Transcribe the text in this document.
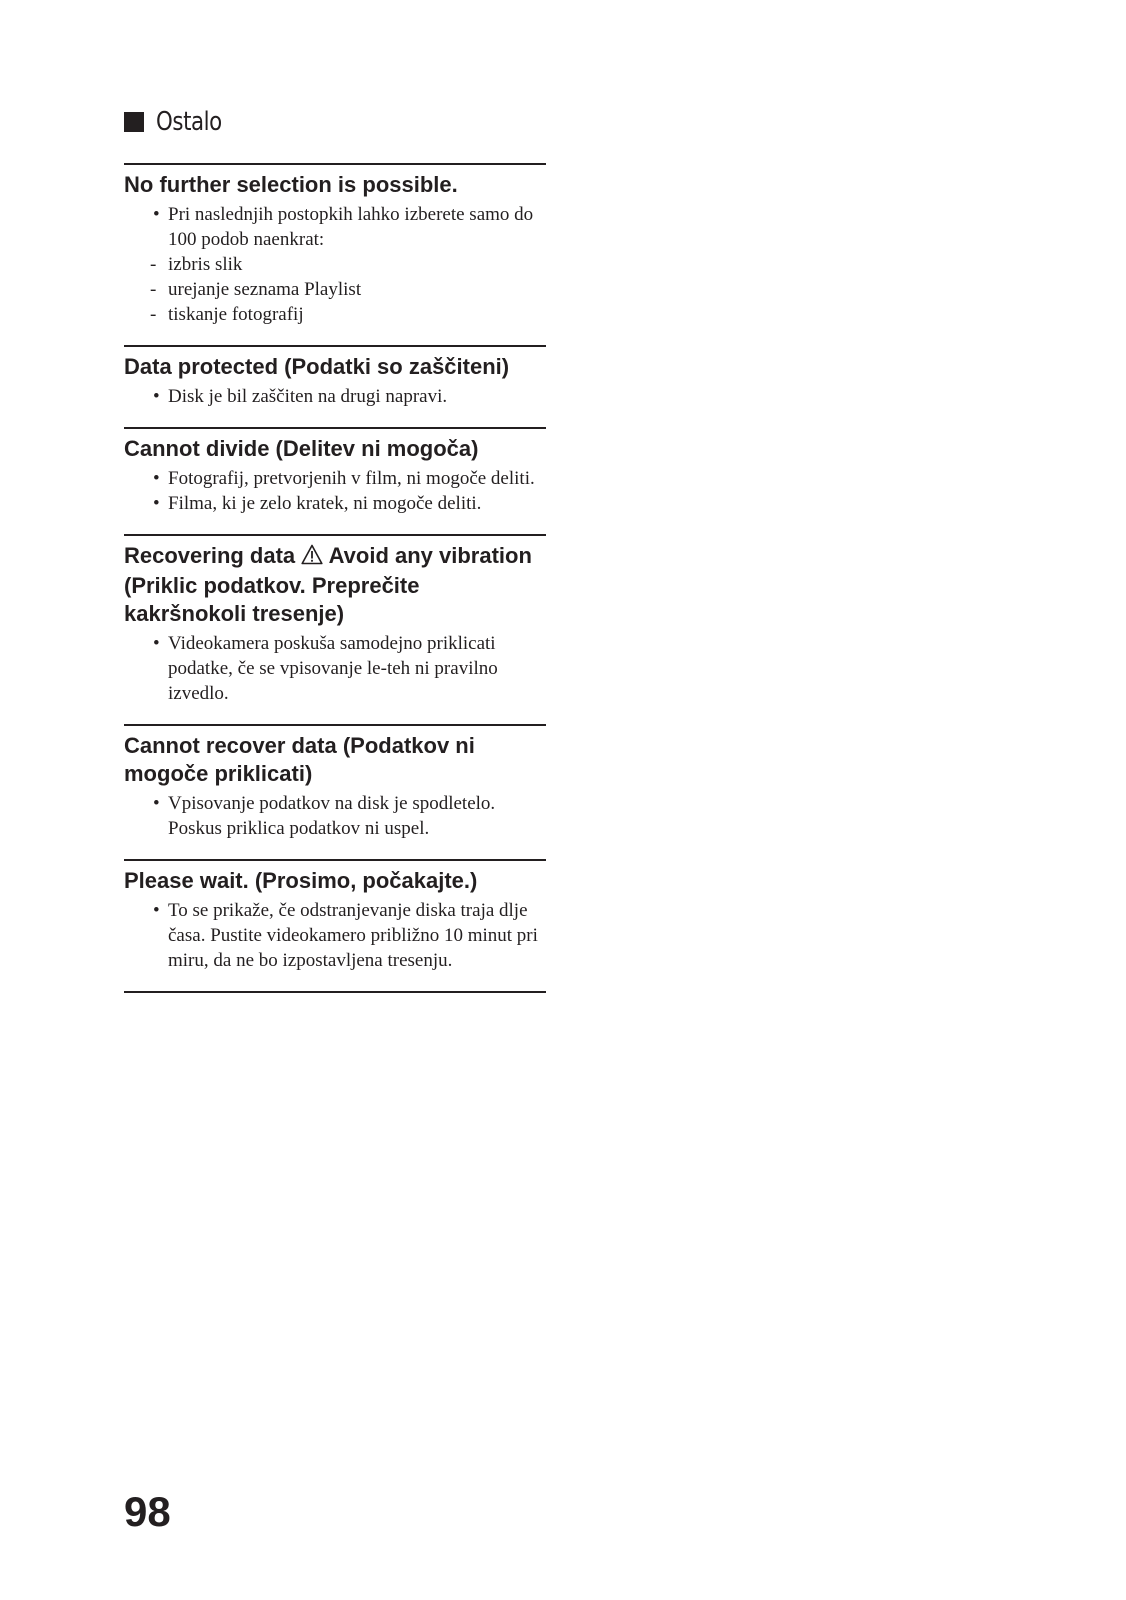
Ostalo
No further selection is possible.
• Pri naslednjih postopkih lahko izberete samo do 100 podob naenkrat:
- izbris slik
- urejanje seznama Playlist
- tiskanje fotografij
Data protected (Podatki so zaščiteni)
• Disk je bil zaščiten na drugi napravi.
Cannot divide (Delitev ni mogoča)
• Fotografij, pretvorjenih v film, ni mogoče deliti.
• Filma, ki je zelo kratek, ni mogoče deliti.
Recovering data Avoid any vibration (Priklic podatkov. Preprečite kakršnokoli tresenje)
• Videokamera poskuša samodejno priklicati podatke, če se vpisovanje le-teh ni pravilno izvedlo.
Cannot recover data (Podatkov ni mogoče priklicati)
• Vpisovanje podatkov na disk je spodletelo. Poskus priklica podatkov ni uspel.
Please wait. (Prosimo, počakajte.)
• To se prikaže, če odstranjevanje diska traja dlje časa. Pustite videokamero približno 10 minut pri miru, da ne bo izpostavljena tresenju.
98
